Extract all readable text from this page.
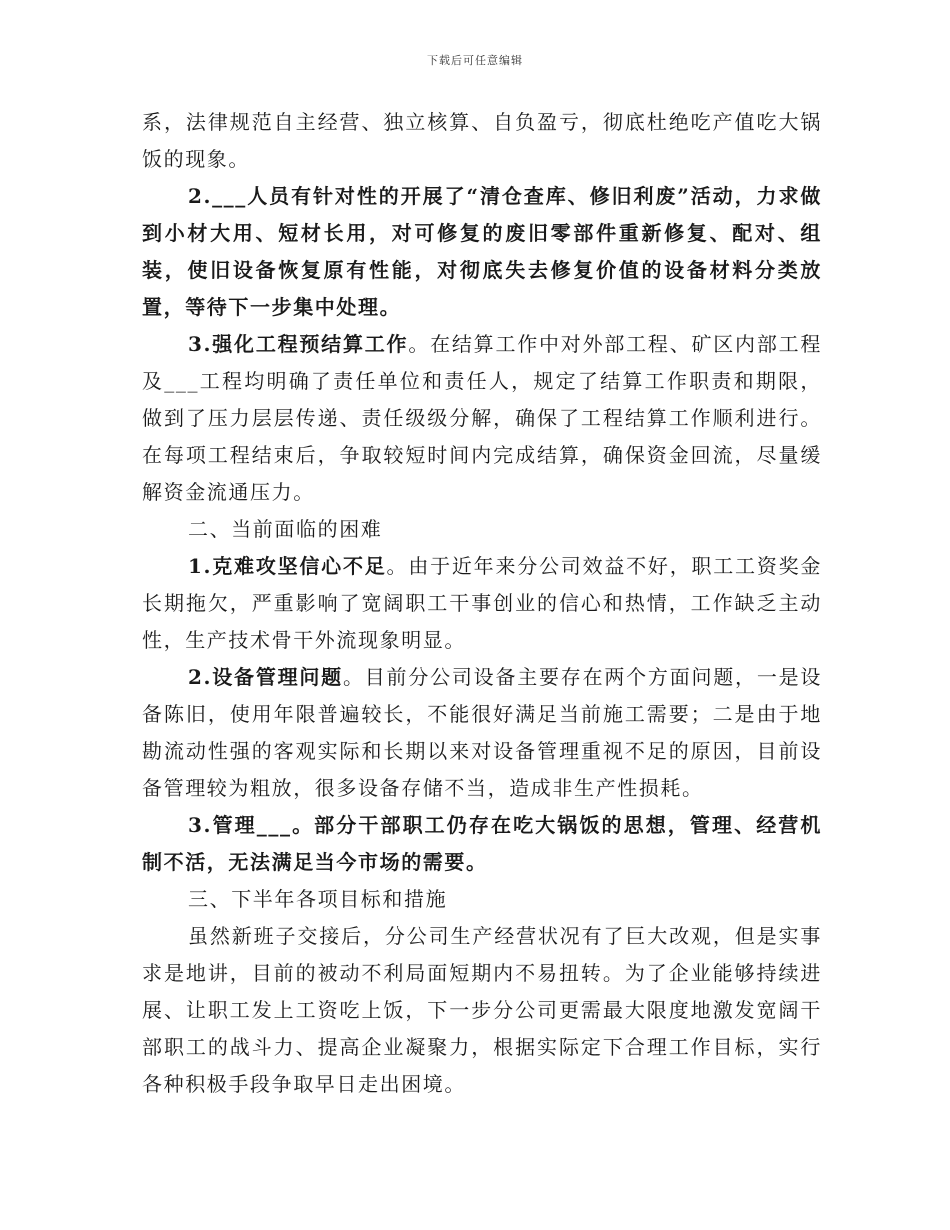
下载后可任意编辑

系，法律规范自主经营、独立核算、自负盈亏，彻底杜绝吃产值吃大锅饭的现象。

2.___人员有针对性的开展了“清仓查库、修旧利废”活动，力求做到小材大用、短材长用，对可修复的废旧零部件重新修复、配对、组装，使旧设备恢复原有性能，对彻底失去修复价值的设备材料分类放置，等待下一步集中处理。

3.强化工程预结算工作。在结算工作中对外部工程、矿区内部工程及___工程均明确了责任单位和责任人，规定了结算工作职责和期限，做到了压力层层传递、责任级级分解，确保了工程结算工作顺利进行。在每项工程结束后，争取较短时间内完成结算，确保资金回流，尽量缓解资金流通压力。

二、当前面临的困难

1.克难攻坚信心不足。由于近年来分公司效益不好，职工工资奖金长期拖欠，严重影响了宽阔职工干事创业的信心和热情，工作缺乏主动性，生产技术骨干外流现象明显。

2.设备管理问题。目前分公司设备主要存在两个方面问题，一是设备陈旧，使用年限普遍较长，不能很好满足当前施工需要；二是由于地勘流动性强的客观实际和长期以来对设备管理重视不足的原因，目前设备管理较为粗放，很多设备存储不当，造成非生产性损耗。

3.管理___。部分干部职工仍存在吃大锅饭的思想，管理、经营机制不活，无法满足当今市场的需要。

三、下半年各项目标和措施

虽然新班子交接后，分公司生产经营状况有了巨大改观，但是实事求是地讲，目前的被动不利局面短期内不易扭转。为了企业能够持续进展、让职工发上工资吃上饭，下一步分公司更需最大限度地激发宽阔干部职工的战斗力、提高企业凝聚力，根据实际定下合理工作目标，实行各种积极手段争取早日走出困境。
